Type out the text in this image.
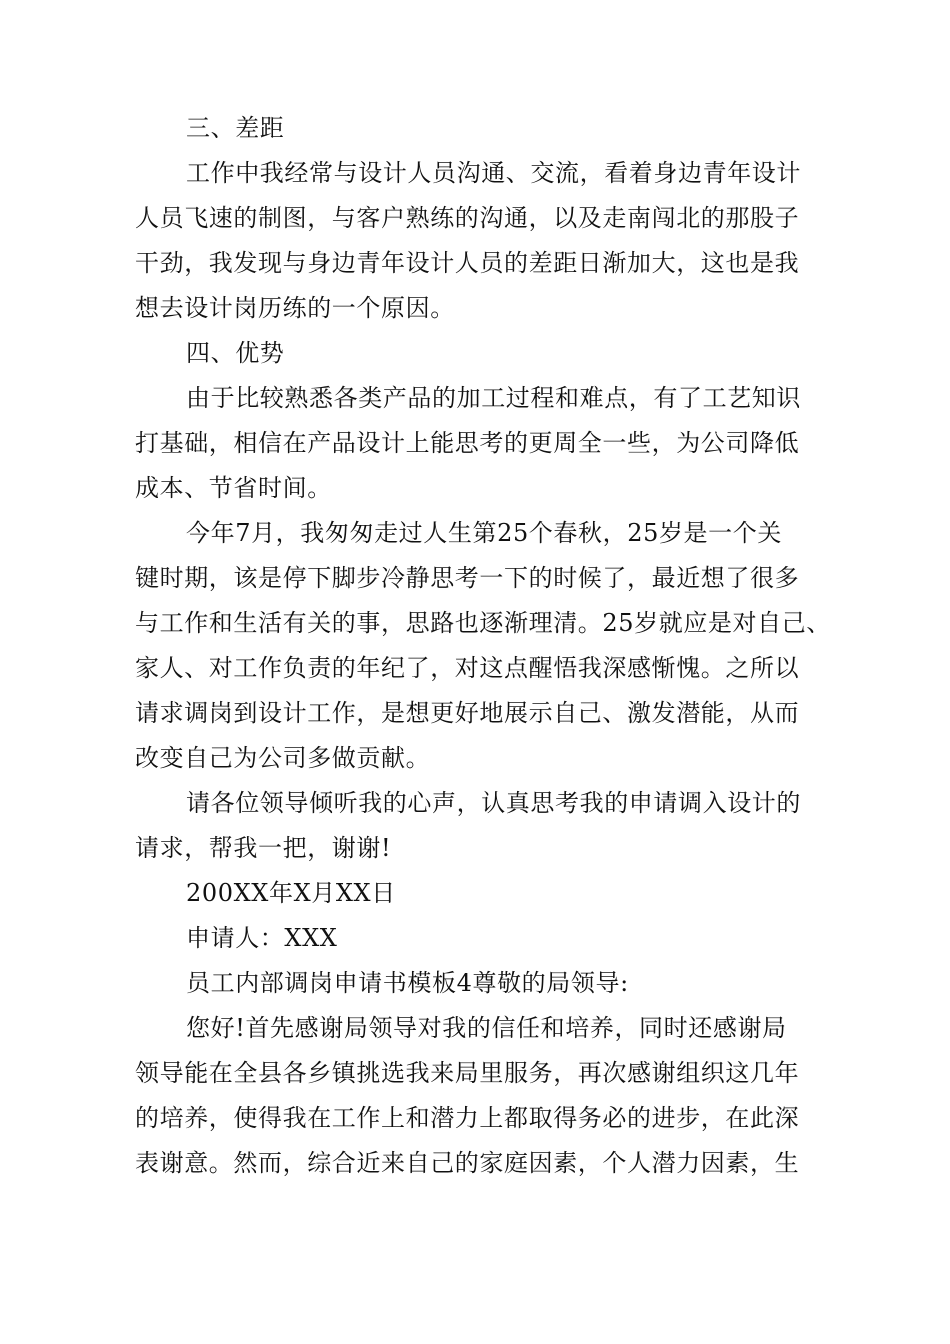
三、差距
工作中我经常与设计人员沟通、交流，看着身边青年设计
人员飞速的制图，与客户熟练的沟通，以及走南闯北的那股子
干劲，我发现与身边青年设计人员的差距日渐加大，这也是我
想去设计岗历练的一个原因。
四、优势
由于比较熟悉各类产品的加工过程和难点，有了工艺知识
打基础，相信在产品设计上能思考的更周全一些，为公司降低
成本、节省时间。
今年7月，我匆匆走过人生第25个春秋，25岁是一个关
键时期，该是停下脚步冷静思考一下的时候了，最近想了很多
与工作和生活有关的事，思路也逐渐理清。25岁就应是对自己、
家人、对工作负责的年纪了，对这点醒悟我深感惭愧。之所以
请求调岗到设计工作，是想更好地展示自己、激发潜能，从而
改变自己为公司多做贡献。
请各位领导倾听我的心声，认真思考我的申请调入设计的
请求，帮我一把，谢谢!
200XX年X月XX日
申请人：XXX
员工内部调岗申请书模板4尊敬的局领导:
您好!首先感谢局领导对我的信任和培养，同时还感谢局
领导能在全县各乡镇挑选我来局里服务，再次感谢组织这几年
的培养，使得我在工作上和潜力上都取得务必的进步，在此深
表谢意。然而，综合近来自己的家庭因素，个人潜力因素，生
